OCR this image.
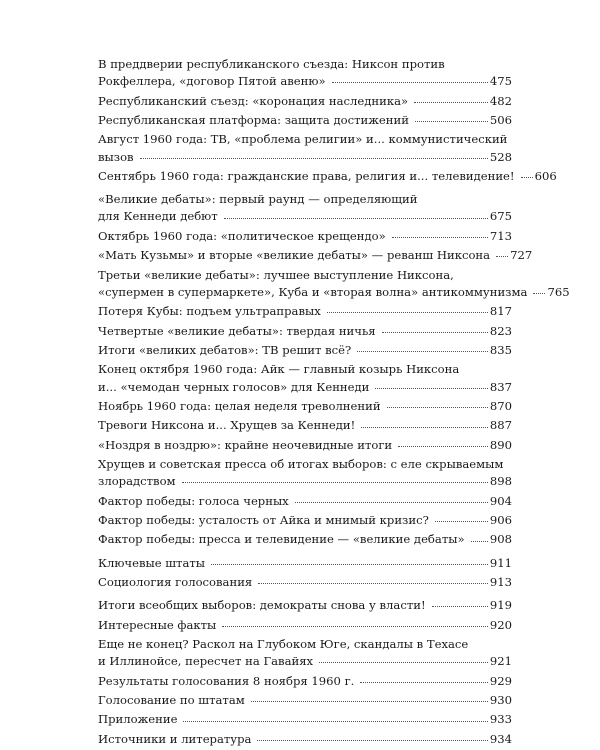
В преддверии республиканского съезда: Никсон против
Рокфеллера, «договор Пятой авеню»	475
Республиканский съезд: «коронация наследника»	482
Республиканская платформа: защита достижений	506
Август 1960 года: ТВ, «проблема религии» и... коммунистический
вызов	528
Сентябрь 1960 года: гражданские права, религия и... телевидение! 606
«Великие дебаты»: первый раунд — определяющий
для Кеннеди дебют	675
Октябрь 1960 года: «политическое крещендо»	713
«Мать Кузьмы» и вторые «великие дебаты» — реванш Никсона 727
Третьи «великие дебаты»: лучшее выступление Никсона,
«супермен в супермаркете», Куба и «вторая волна» антикоммунизма 765
Потеря Кубы: подъем ультраправых	817
Четвертые «великие дебаты»: твердая ничья	823
Итоги «великих дебатов»: ТВ решит всё?	835
Конец октября 1960 года: Айк — главный козырь Никсона
и... «чемодан черных голосов» для Кеннеди	837
Ноябрь 1960 года: целая неделя треволнений	870
Тревоги Никсона и... Хрущев за Кеннеди!	887
«Ноздря в ноздрю»: крайне неочевидные итоги	890
Хрущев и советская пресса об итогах выборов: с еле скрываемым
злорадством	898
Фактор победы: голоса черных	904
Фактор победы: усталость от Айка и мнимый кризис?	906
Фактор победы: пресса и телевидение — «великие дебаты» 908
Ключевые штаты	911
Социология голосования	913
Итоги всеобщих выборов: демократы снова у власти!	919
Интересные факты	920
Еще не конец? Раскол на Глубоком Юге, скандалы в Техасе
и Иллинойсе, пересчет на Гавайях	921
Результаты голосования 8 ноября 1960 г.	929
Голосование по штатам	930
Приложение	933
Источники и литература	934
